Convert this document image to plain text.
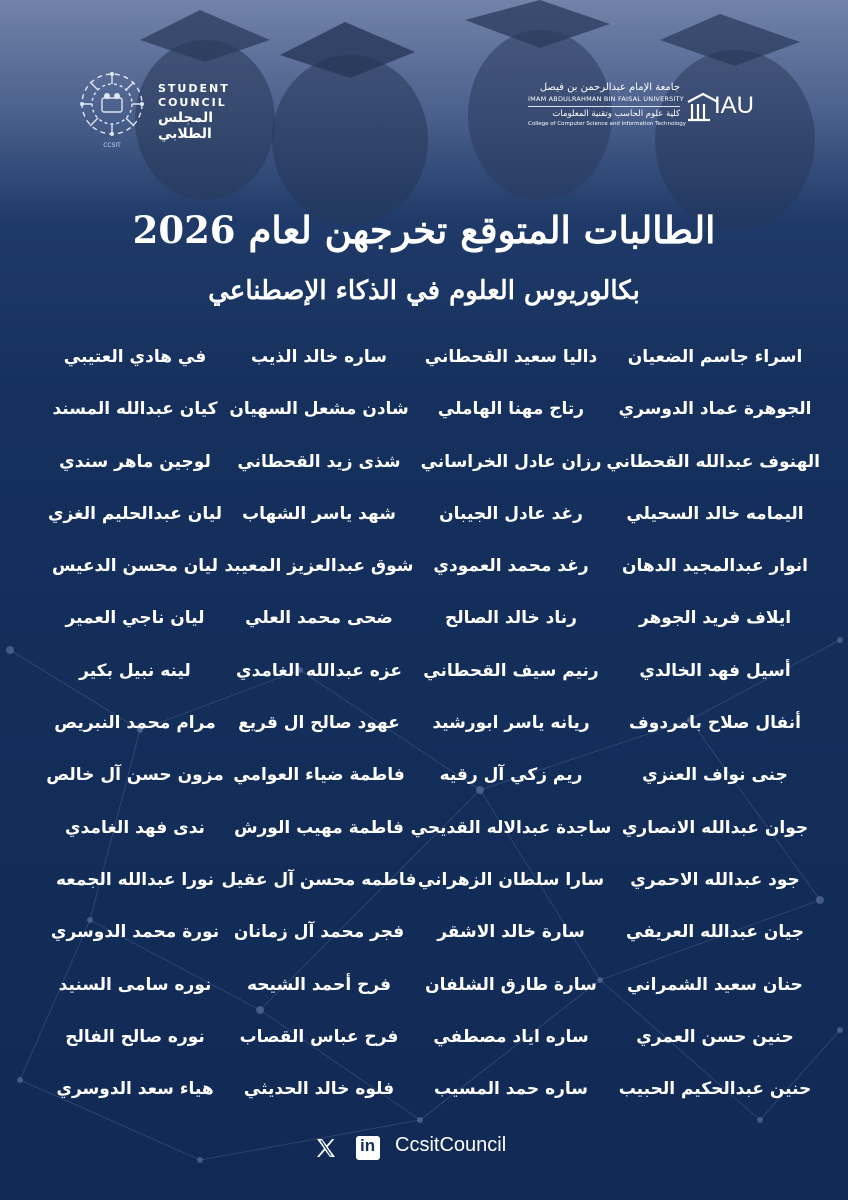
CCSIT
STUDENT
COUNCIL
المجلس
الطلابي
جامعة الإمام عبدالرحمن بن فيصل
IMAM ABDULRAHMAN BIN FAISAL UNIVERSITY
كلية علوم الحاسب وتقنية المعلومات
College of Computer Science and Information Technology
IAU
الطالبات المتوقع تخرجهن لعام 2026
بكالوريوس العلوم في الذكاء الإصطناعي
اسراء جاسم الضعيان
الجوهرة عماد الدوسري
الهنوف عبدالله القحطاني
اليمامه خالد السحيلي
انوار عبدالمجيد الدهان
ايلاف فريد الجوهر
أسيل فهد الخالدي
أنفال صلاح بامردوف
جنى نواف العنزي
جوان عبدالله الانصاري
جود عبدالله الاحمري
جيان عبدالله العريفي
حنان سعيد الشمراني
حنين حسن العمري
حنين عبدالحكيم الحبيب
داليا سعيد القحطاني
رتاج مهنا الهاملي
رزان عادل الخراساني
رغد عادل الجيبان
رغد محمد العمودي
رناد خالد الصالح
رنيم سيف القحطاني
ريانه ياسر ابورشيد
ريم زكي آل رقيه
ساجدة عبدالاله القديحي
سارا سلطان الزهراني
سارة خالد الاشقر
سارة طارق الشلفان
ساره اياد مصطفي
ساره حمد المسيب
ساره خالد الذيب
شادن مشعل السهيان
شذى زيد القحطاني
شهد ياسر الشهاب
شوق عبدالعزيز المعيبد
ضحى محمد العلي
عزه عبدالله الغامدي
عهود صالح ال قريع
فاطمة ضياء العوامي
فاطمة مهيب الورش
فاطمه محسن آل عقيل
فجر محمد آل زمانان
فرح أحمد الشيحه
فرح عباس القصاب
فلوه خالد الحديثي
في هادي العتيبي
كيان عبدالله المسند
لوجين ماهر سندي
ليان عبدالحليم الغزي
ليان محسن الدعيس
ليان ناجي العمير
لينه نبيل بكير
مرام محمد النبريص
مزون حسن آل خالص
ندى فهد الغامدي
نورا عبدالله الجمعه
نورة محمد الدوسري
نوره سامى السنيد
نوره صالح الفالح
هياء سعد الدوسري
in CcsitCouncil
